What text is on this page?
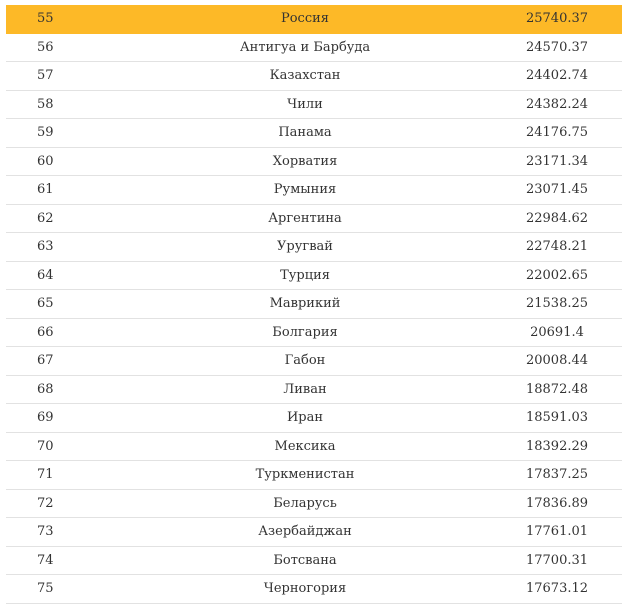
55	Россия	25740.37
56	Антигуа и Барбуда	24570.37
57	Казахстан	24402.74
58	Чили	24382.24
59	Панама	24176.75
60	Хорватия	23171.34
61	Румыния	23071.45
62	Аргентина	22984.62
63	Уругвай	22748.21
64	Турция	22002.65
65	Маврикий	21538.25
66	Болгария	20691.4
67	Габон	20008.44
68	Ливан	18872.48
69	Иран	18591.03
70	Мексика	18392.29
71	Туркменистан	17837.25
72	Беларусь	17836.89
73	Азербайджан	17761.01
74	Ботсвана	17700.31
75	Черногория	17673.12
